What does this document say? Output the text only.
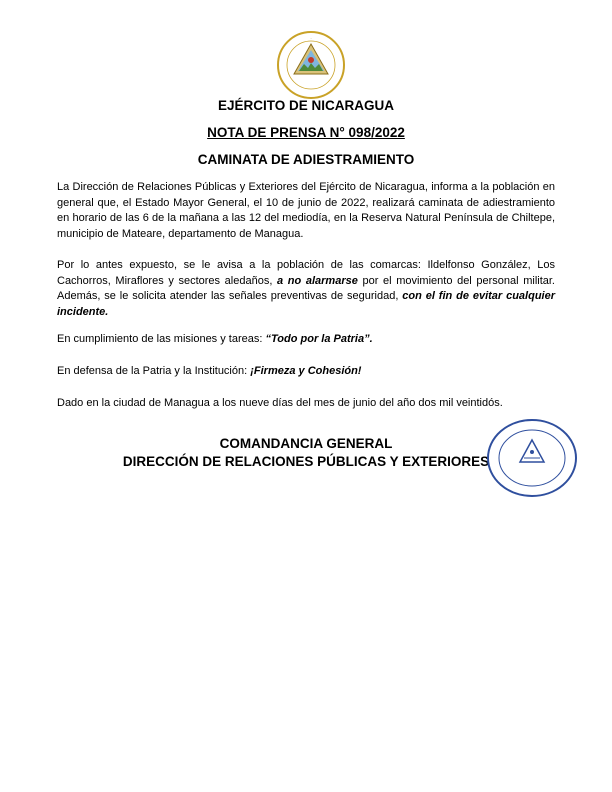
·
EJÉRCITO DE NICARAGUA
NOTA DE PRENSA N° 098/2022
CAMINATA DE ADIESTRAMIENTO

La Dirección de Relaciones Públicas y Exteriores del Ejército de Nicaragua, informa a la población en general que, el Estado Mayor General, el 10 de junio de 2022, realizará caminata de adiestramiento en horario de las 6 de la mañana a las 12 del mediodía, en la Reserva Natural Península de Chiltepe, municipio de Mateare, departamento de Managua.

Por lo antes expuesto, se le avisa a la población de las comarcas: Ildelfonso González, Los Cachorros, Miraflores y sectores aledaños, a no alarmarse por el movimiento del personal militar. Además, se le solicita atender las señales preventivas de seguridad, con el fin de evitar cualquier incidente.

En cumplimiento de las misiones y tareas: “Todo por la Patria”.

En defensa de la Patria y la Institución: ¡Firmeza y Cohesión!

Dado en la ciudad de Managua a los nueve días del mes de junio del año dos mil veintidós.

COMANDANCIA GENERAL
DIRECCIÓN DE RELACIONES PÚBLICAS Y EXTERIORES
